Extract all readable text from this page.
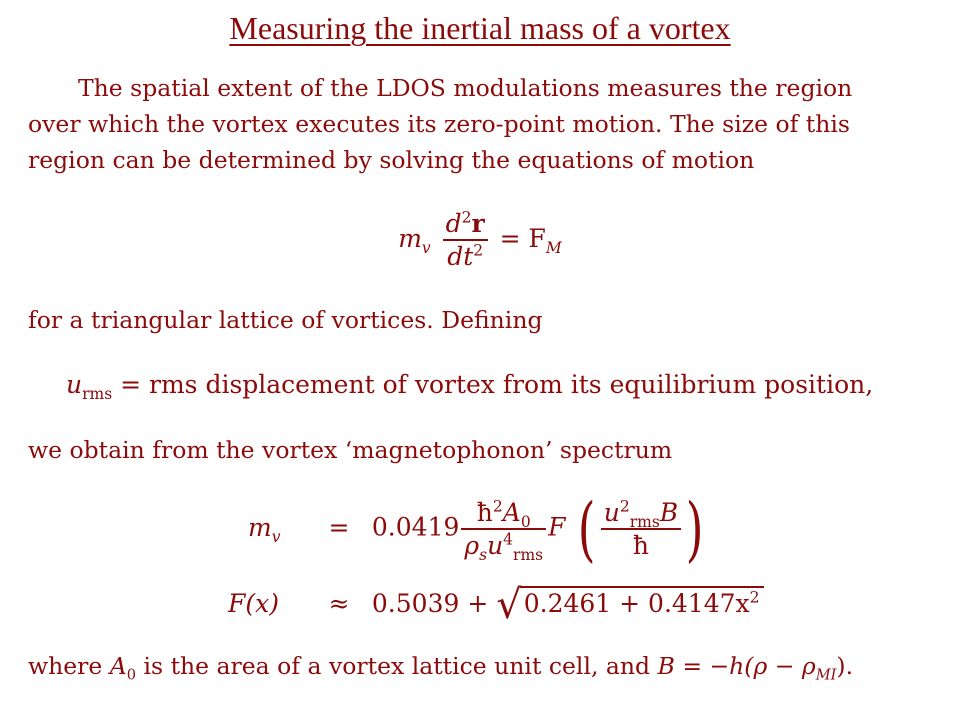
Measuring the inertial mass of a vortex

The spatial extent of the LDOS modulations measures the region
over which the vortex executes its zero-point motion. The size of this
region can be determined by solving the equations of motion

$m_v \frac{d^2r}{dt^2} = F_M$

for a triangular lattice of vortices. Defining

$u_{rms}$ = rms displacement of vortex from its equilibrium position,

we obtain from the vortex ‘magnetophonon’ spectrum

$m_v = 0.0419 \frac{ħ^2A_0}{\rho_su^4_{rms}}$ F ( $\frac{u^2_{rms}B}{ħ}$ )
$F(x) \approx 0.5039 + √0.2461 + 0.4147x^2$

where $A_0$ is the area of a vortex lattice unit cell, and $B = -h(\rho - \rho_{MI})$.
